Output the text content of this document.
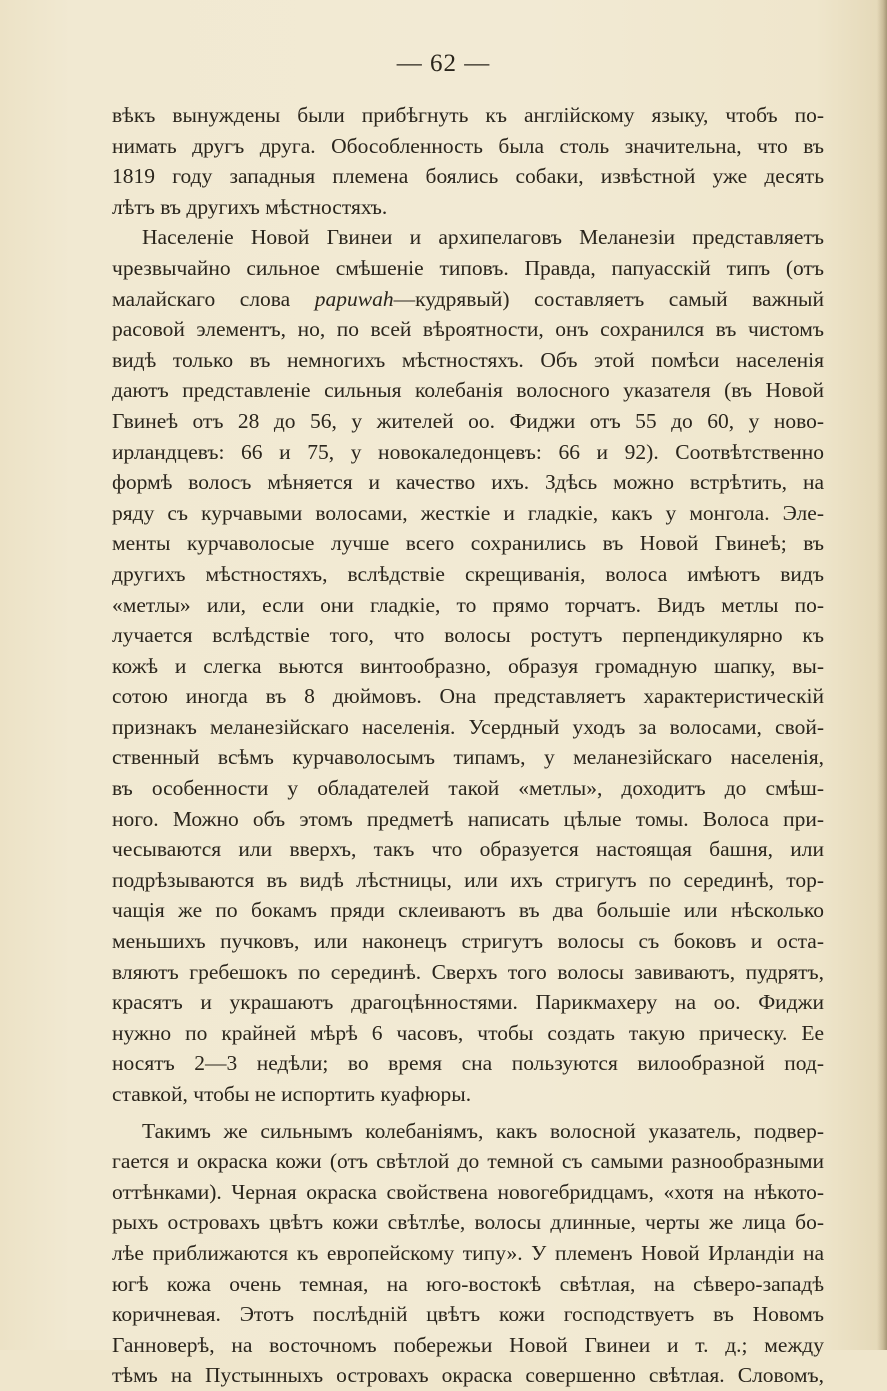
— 62 —
вѣкъ вынуждены были прибѣгнуть къ англійскому языку, чтобъ по-
нимать другъ друга. Обособленность была столь значительна, что въ
1819 году западныя племена боялись собаки, извѣстной уже десять
лѣтъ въ другихъ мѣстностяхъ.
Населеніе Новой Гвинеи и архипелаговъ Меланезіи представляетъ
чрезвычайно сильное смѣшеніе типовъ. Правда, папуасскій типъ (отъ
малайскаго слова papuwah—кудрявый) составляетъ самый важный
расовой элементъ, но, по всей вѣроятности, онъ сохранился въ чистомъ
видѣ только въ немногихъ мѣстностяхъ. Объ этой помѣси населенія
даютъ представленіе сильныя колебанія волосного указателя (въ Новой
Гвинеѣ отъ 28 до 56, у жителей оо. Фиджи отъ 55 до 60, у ново-
ирландцевъ: 66 и 75, у новокаледонцевъ: 66 и 92). Соотвѣтственно
формѣ волосъ мѣняется и качество ихъ. Здѣсь можно встрѣтить, на
ряду съ курчавыми волосами, жесткіе и гладкіе, какъ у монгола. Эле-
менты курчаволосые лучше всего сохранились въ Новой Гвинеѣ; въ
другихъ мѣстностяхъ, вслѣдствіе скрещиванія, волоса имѣютъ видъ
«метлы» или, если они гладкіе, то прямо торчатъ. Видъ метлы по-
лучается вслѣдствіе того, что волосы ростутъ перпендикулярно къ
кожѣ и слегка вьются винтообразно, образуя громадную шапку, вы-
сотою иногда въ 8 дюймовъ. Она представляетъ характеристическій
признакъ меланезійскаго населенія. Усердный уходъ за волосами, свой-
ственный всѣмъ курчаволосымъ типамъ, у меланезійскаго населенія,
въ особенности у обладателей такой «метлы», доходитъ до смѣш-
ного. Можно объ этомъ предметѣ написать цѣлые томы. Волоса при-
чесываются или вверхъ, такъ что образуется настоящая башня, или
подрѣзываются въ видѣ лѣстницы, или ихъ стригутъ по серединѣ, тор-
чащія же по бокамъ пряди склеиваютъ въ два большіе или нѣсколько
меньшихъ пучковъ, или наконецъ стригутъ волосы съ боковъ и оста-
вляютъ гребешокъ по серединѣ. Сверхъ того волосы завиваютъ, пудрятъ,
красятъ и украшаютъ драгоцѣнностями. Парикмахеру на оо. Фиджи
нужно по крайней мѣрѣ 6 часовъ, чтобы создать такую прическу. Ее
носятъ 2—3 недѣли; во время сна пользуются вилообразной под-
ставкой, чтобы не испортить куафюры.
Такимъ же сильнымъ колебаніямъ, какъ волосной указатель, подвер-
гается и окраска кожи (отъ свѣтлой до темной съ самыми разнообразными
оттѣнками). Черная окраска свойствена новогебридцамъ, «хотя на нѣкото-
рыхъ островахъ цвѣтъ кожи свѣтлѣе, волосы длинные, черты же лица бо-
лѣе приближаются къ европейскому типу». У племенъ Новой Ирландіи на
югѣ кожа очень темная, на юго-востокѣ свѣтлая, на сѣверо-западѣ
коричневая. Этотъ послѣдній цвѣтъ кожи господствуетъ въ Новомъ
Ганноверѣ, на восточномъ побережьи Новой Гвинеи и т. д.; между
тѣмъ на Пустынныхъ островахъ окраска совершенно свѣтлая. Словомъ,
